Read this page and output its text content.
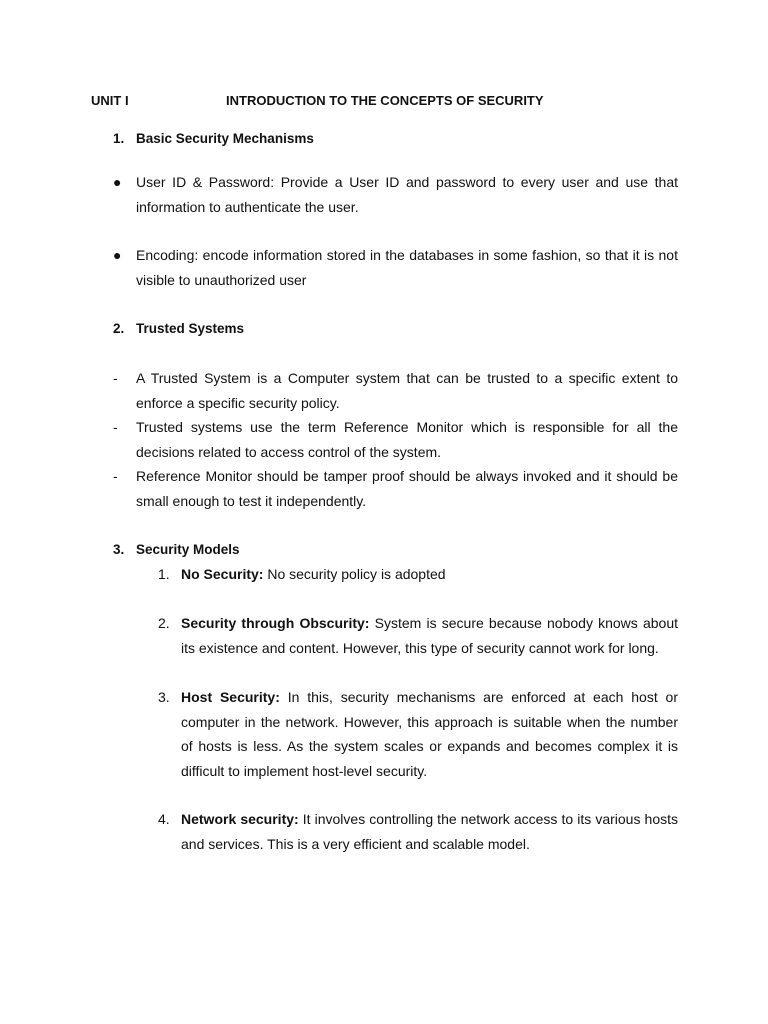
UNIT I	INTRODUCTION TO THE CONCEPTS OF SECURITY
1. Basic Security Mechanisms
● User ID & Password: Provide a User ID and password to every user and use that information to authenticate the user.
● Encoding: encode information stored in the databases in some fashion, so that it is not visible to unauthorized user
2. Trusted Systems
- A Trusted System is a Computer system that can be trusted to a specific extent to enforce a specific security policy.
- Trusted systems use the term Reference Monitor which is responsible for all the decisions related to access control of the system.
- Reference Monitor should be tamper proof should be always invoked and it should be small enough to test it independently.
3. Security Models
1. No Security: No security policy is adopted
2. Security through Obscurity: System is secure because nobody knows about its existence and content. However, this type of security cannot work for long.
3. Host Security: In this, security mechanisms are enforced at each host or computer in the network. However, this approach is suitable when the number of hosts is less. As the system scales or expands and becomes complex it is difficult to implement host-level security.
4. Network security: It involves controlling the network access to its various hosts and services. This is a very efficient and scalable model.
